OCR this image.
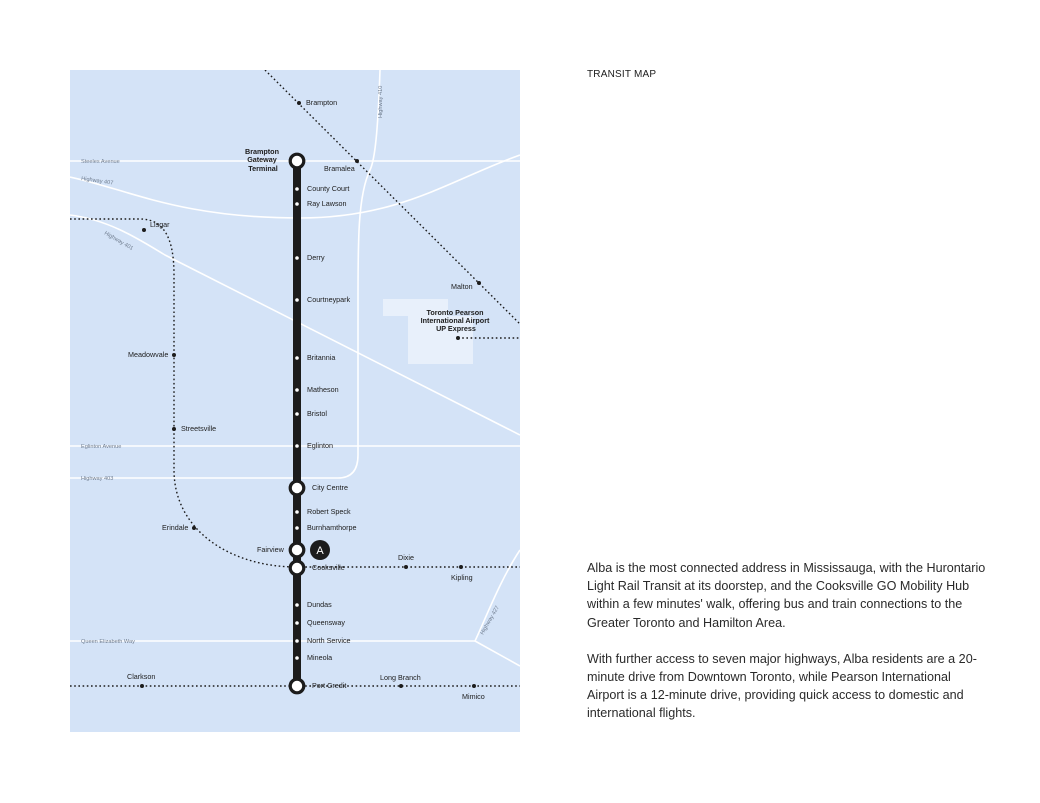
A
Steeles Avenue
Highway 407
Highway 401
Highway 410
Eglinton Avenue
Highway 403
Highway 427
Queen Elizabeth Way
Brampton Gateway Terminal
County Court
Ray Lawson
Derry
Courtneypark
Britannia
Matheson
Bristol
Eglinton
City Centre
Robert Speck
Burnhamthorpe
Fairview
Cooksville
Dundas
Queensway
North Service
Mineola
Port Credit
Brampton
Bramalea
Malton
Lisgar
Meadowvale
Streetsville
Erindale
Dixie
Kipling
Clarkson	Long Branch
Mimico
Toronto Pearson International Airport UP Express
TRANSIT MAP

Alba is the most connected address in Mississauga, with the Hurontario Light Rail Transit at its doorstep, and the Cooksville GO Mobility Hub within a few minutes' walk, offering bus and train connections to the Greater Toronto and Hamilton Area.

With further access to seven major highways, Alba residents are a 20-minute drive from Downtown Toronto, while Pearson International Airport is a 12-minute drive, providing quick access to domestic and international flights.
